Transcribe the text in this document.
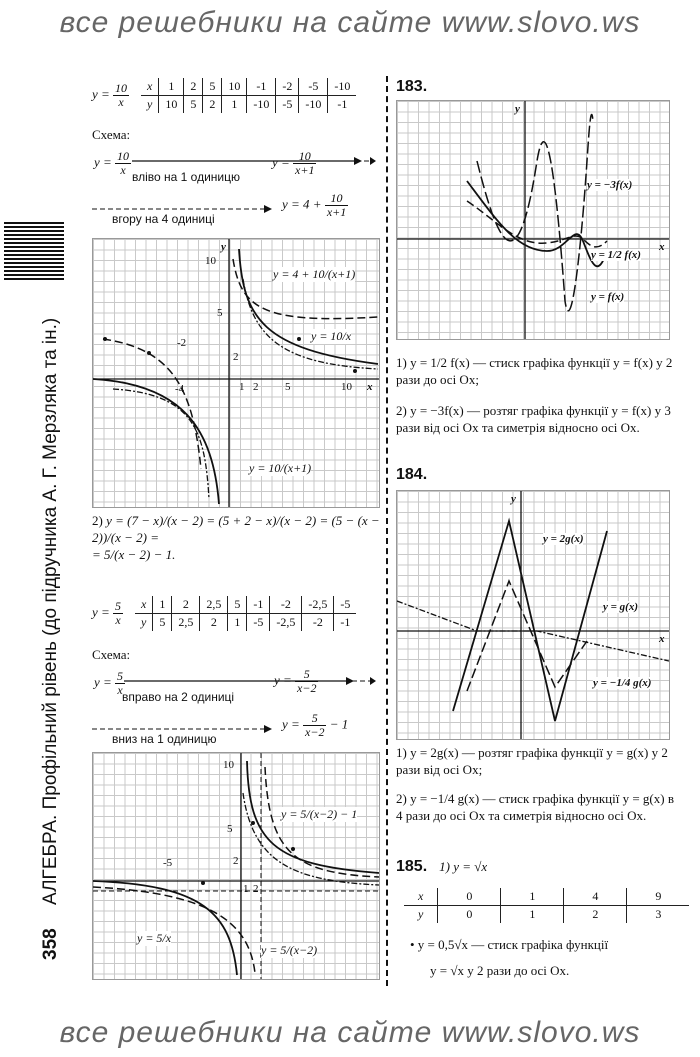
все решебники на сайте www.slovo.ws
358 АЛГЕБРА. Профільний рівень (до підручника А. Г. Мерзляка та ін.)
$y = \frac{10}{x}$ x	1	2	5	10	-1	-2	-5	-10
y	10	5	2	1	-10	-5	-10	-1
Схема:
$y = \frac{10}{x}$ вліво на 1 одиницю
$y = \frac{10}{x+1}$
вгору на 4 одиниці
$y = 4 + \frac{10}{x+1}$
y
x
10
5
2
-2
-4	1 2 5	10
y = 4 + 10/(x+1)
y = 10/x
y = 10/(x+1)
2) y = (7 − x)/(x − 2) = (5 + 2 − x)/(x − 2) = (5 − (x − 2))/(x − 2) =
= 5/(x − 2) − 1.
$y = \frac{5}{x}$ x	1	2	2,5	5	-1	-2	-2,5	-5
y	5	2,5	2	1	-5	-2,5	-2	-1
Схема:
$y = \frac{5}{x}$
вправо на 2 одиниці
$y = \frac{5}{x-2}$
вниз на 1 одиницю
$y = \frac{5}{x-2} - 1$
10
5
2
-5
1 2
y = 5/(x−2) − 1
y = 5/x
y = 5/(x−2)
183.
y
x
y = −3f(x)
y = 1/2 f(x)
y = f(x)
1) y = 1/2 f(x) — стиск графіка функції y = f(x) у 2 рази до осі Ox;
2) y = −3f(x) — розтяг графіка функції y = f(x) у 3 рази від осі Ox та симетрія відносно осі Ox.
184.
y
x
y = 2g(x)
y = g(x)
y = −1/4 g(x)
1) y = 2g(x) — розтяг графіка функції y = g(x) у 2 рази від осі Ox;
2) y = −1/4 g(x) — стиск графіка функції y = g(x) в 4 рази до осі Ox та симетрія відносно осі Ox.
185. 1) y = √x
x	0	1	4	9
y	0	1	2	3
• y = 0,5√x — стиск графіка функції
y = √x у 2 рази до осі Ox.
все решебники на сайте www.slovo.ws
